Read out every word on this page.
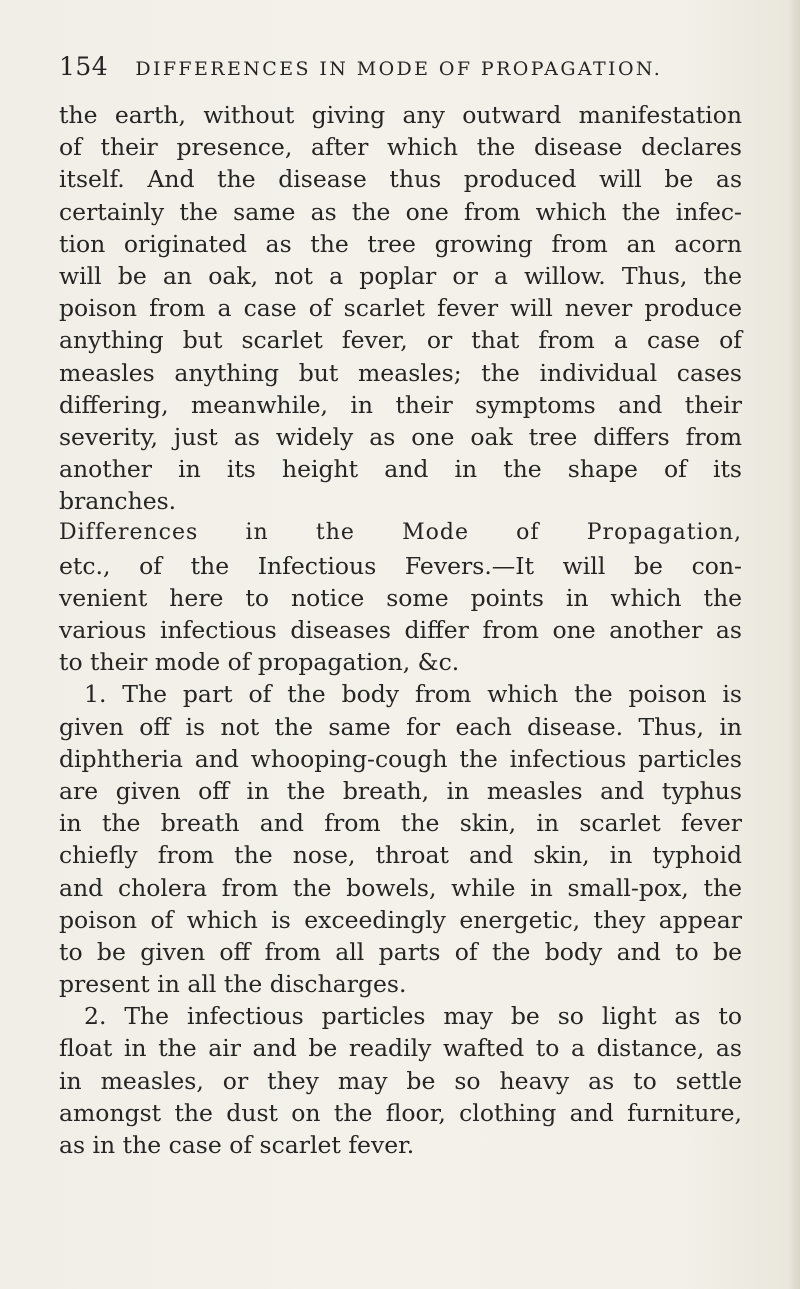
154 DIFFERENCES IN MODE OF PROPAGATION.
the earth, without giving any outward manifestation
of their presence, after which the disease declares
itself. And the disease thus produced will be as
certainly the same as the one from which the infec-
tion originated as the tree growing from an acorn
will be an oak, not a poplar or a willow. Thus, the
poison from a case of scarlet fever will never produce
anything but scarlet fever, or that from a case of
measles anything but measles; the individual cases
differing, meanwhile, in their symptoms and their
severity, just as widely as one oak tree differs from
another in its height and in the shape of its
branches.
Differences in the Mode of Propagation,
etc., of the Infectious Fevers.—It will be con-
venient here to notice some points in which the
various infectious diseases differ from one another as
to their mode of propagation, &c.
1. The part of the body from which the poison is
given off is not the same for each disease. Thus, in
diphtheria and whooping-cough the infectious particles
are given off in the breath, in measles and typhus
in the breath and from the skin, in scarlet fever
chiefly from the nose, throat and skin, in typhoid
and cholera from the bowels, while in small-pox, the
poison of which is exceedingly energetic, they appear
to be given off from all parts of the body and to be
present in all the discharges.
2. The infectious particles may be so light as to
float in the air and be readily wafted to a distance, as
in measles, or they may be so heavy as to settle
amongst the dust on the floor, clothing and furniture,
as in the case of scarlet fever.
